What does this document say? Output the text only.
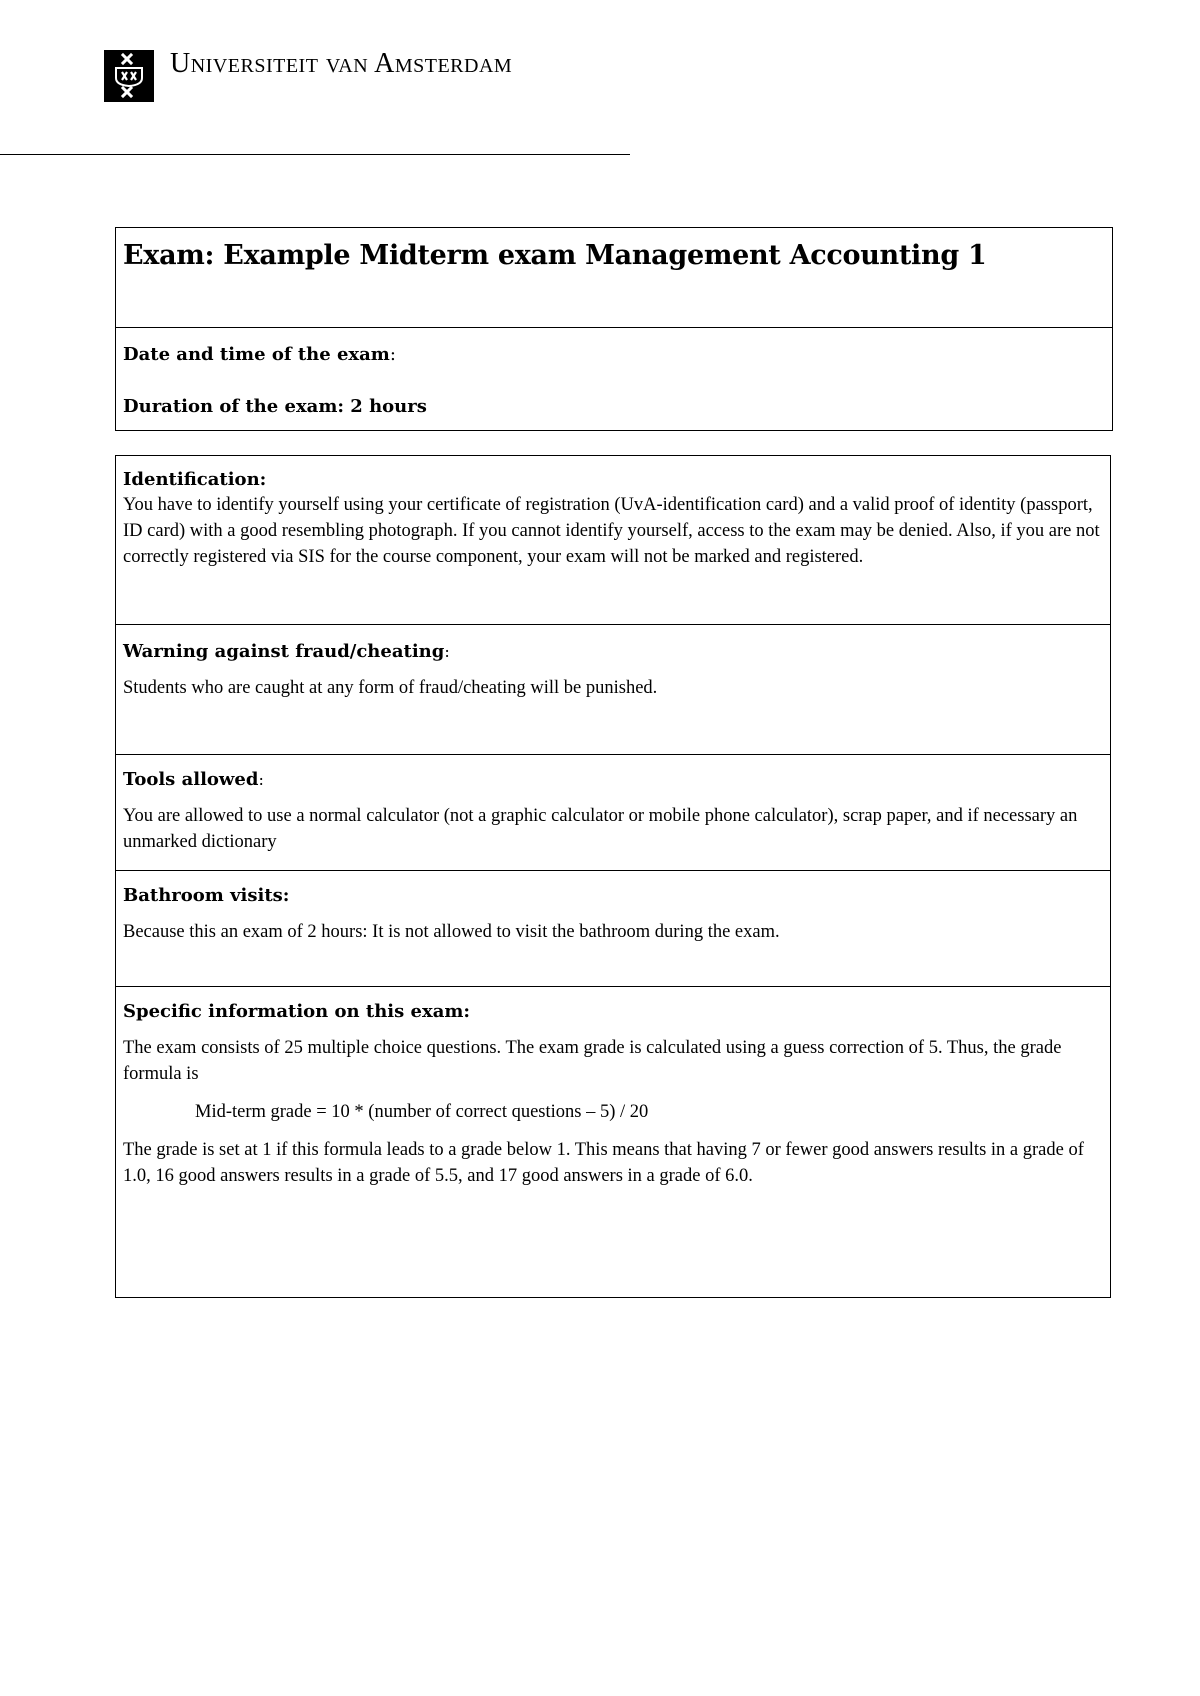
Universiteit van Amsterdam
Exam: Example Midterm exam Management Accounting 1

Date and time of the exam:

Duration of the exam: 2 hours

Identification:

You have to identify yourself using your certificate of registration (UvA-identification card) and a valid proof of identity (passport, ID card) with a good resembling photograph. If you cannot identify yourself, access to the exam may be denied. Also, if you are not correctly registered via SIS for the course component, your exam will not be marked and registered.

Warning against fraud/cheating:

Students who are caught at any form of fraud/cheating will be punished.

Tools allowed:

You are allowed to use a normal calculator (not a graphic calculator or mobile phone calculator), scrap paper, and if necessary an unmarked dictionary

Bathroom visits:

Because this an exam of 2 hours: It is not allowed to visit the bathroom during the exam.

Specific information on this exam:

The exam consists of 25 multiple choice questions. The exam grade is calculated using a guess correction of 5. Thus, the grade formula is

Mid-term grade = 10 * (number of correct questions – 5) / 20

The grade is set at 1 if this formula leads to a grade below 1. This means that having 7 or fewer good answers results in a grade of 1.0, 16 good answers results in a grade of 5.5, and 17 good answers in a grade of 6.0.
